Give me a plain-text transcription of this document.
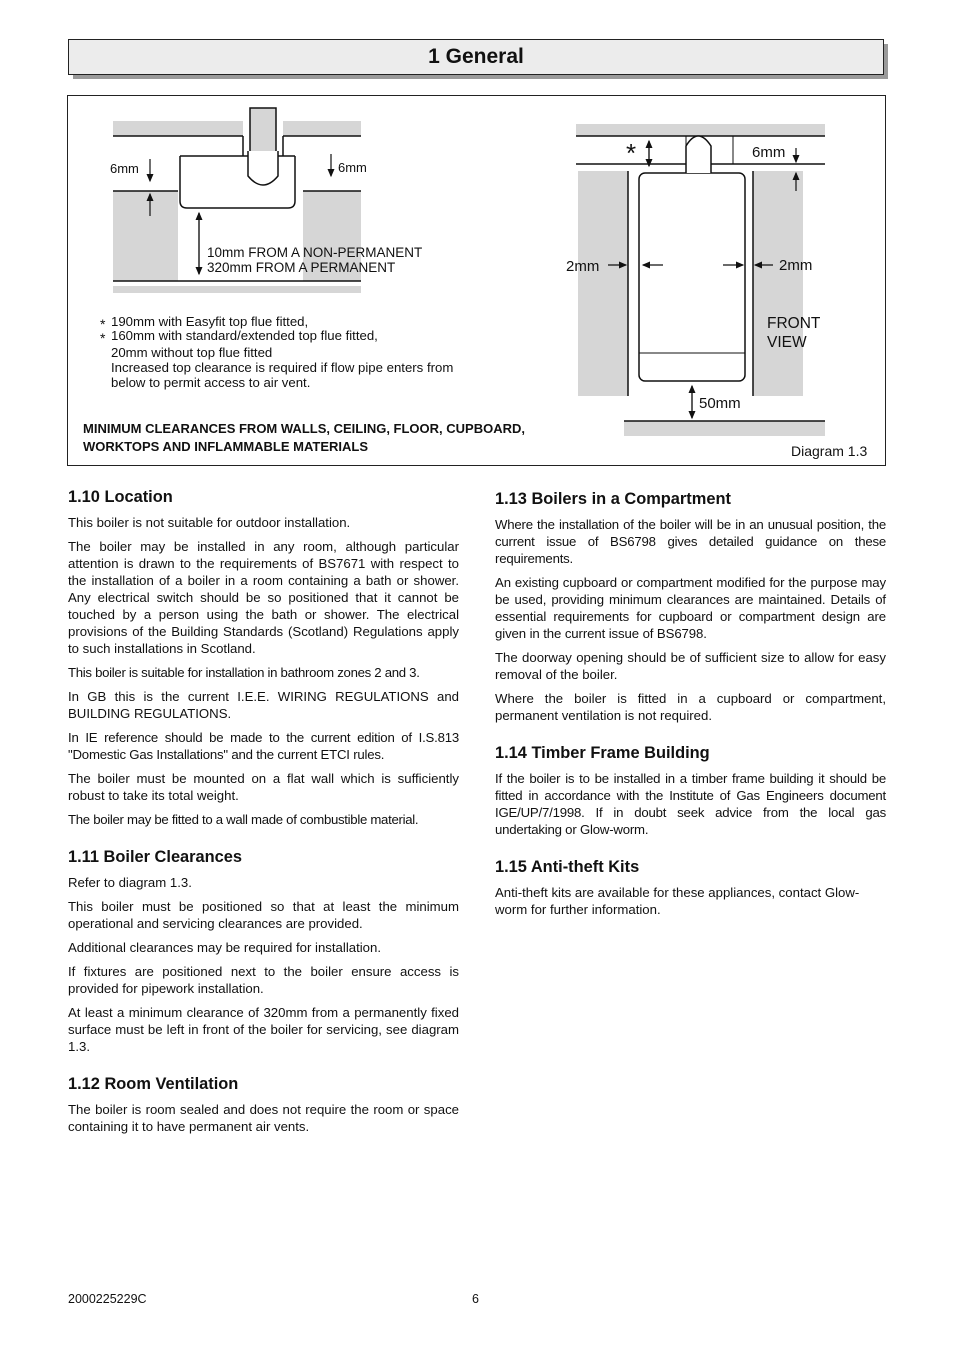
1 General
6mm	6mm
10mm FROM A NON-PERMANENT
320mm FROM A PERMANENT
*
*
190mm with Easyfit top flue fitted,
160mm with standard/extended top flue fitted,
20mm without top flue fitted
Increased top clearance is required if flow pipe enters from
below to permit access to air vent.
MINIMUM CLEARANCES FROM WALLS, CEILING, FLOOR, CUPBOARD,
WORKTOPS AND INFLAMMABLE MATERIALS
*	6mm
2mm	2mm
FRONT
VIEW
50mm
Diagram 1.3
1.10 Location

This boiler is not suitable for outdoor installation.

The boiler may be installed in any room, although particular attention is drawn to the requirements of BS7671 with respect to the installation of a boiler in a room containing a bath or shower. Any electrical switch should be so positioned that it cannot be touched by a person using the bath or shower. The electrical provisions of the Building Standards (Scotland) Regulations apply to such installations in Scotland.

This boiler is suitable for installation in bathroom zones 2 and 3.

In GB this is the current I.E.E. WIRING REGULATIONS and BUILDING REGULATIONS.

In IE reference should be made to the current edition of I.S.813 "Domestic Gas Installations" and the current ETCI rules.

The boiler must be mounted on a flat wall which is sufficiently robust to take its total weight.

The boiler may be fitted to a wall made of combustible material.

1.11 Boiler Clearances

Refer to diagram 1.3.

This boiler must be positioned so that at least the minimum operational and servicing clearances are provided.

Additional clearances may be required for installation.

If fixtures are positioned next to the boiler ensure access is provided for pipework installation.

At least a minimum clearance of 320mm from a permanently fixed surface must be left in front of the boiler for servicing, see diagram 1.3.

1.12 Room Ventilation

The boiler is room sealed and does not require the room or space containing it to have permanent air vents.

1.13 Boilers in a Compartment

Where the installation of the boiler will be in an unusual position, the current issue of BS6798 gives detailed guidance on these requirements.

An existing cupboard or compartment modified for the purpose may be used, providing minimum clearances are maintained. Details of essential requirements for cupboard or compartment design are given in the current issue of BS6798.

The doorway opening should be of sufficient size to allow for easy removal of the boiler.

Where the boiler is fitted in a cupboard or compartment, permanent ventilation is not required.

1.14 Timber Frame Building

If the boiler is to be installed in a timber frame building it should be fitted in accordance with the Institute of Gas Engineers document IGE/UP/7/1998. If in doubt seek advice from the local gas undertaking or Glow-worm.

1.15 Anti-theft Kits

Anti-theft kits are available for these appliances, contact Glow-worm for further information.

2000225229C	6
